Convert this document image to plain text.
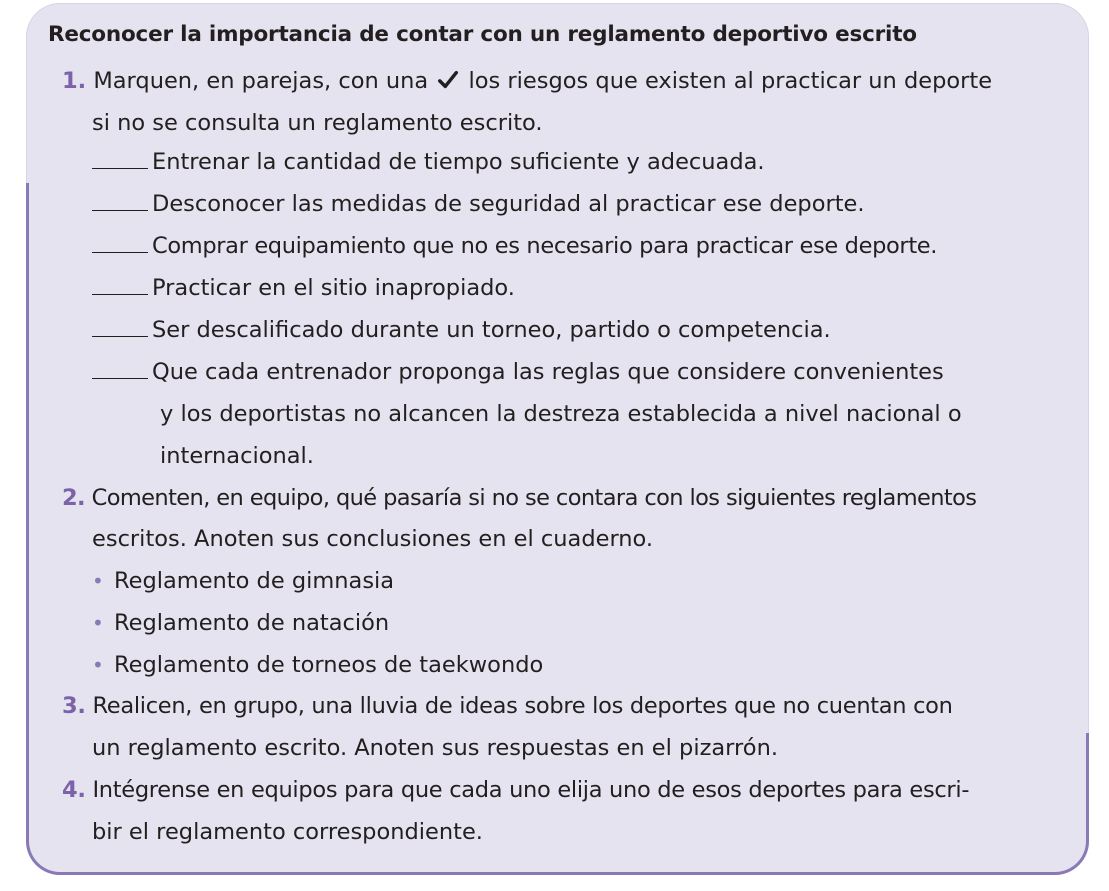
Reconocer la importancia de contar con un reglamento deportivo escrito
1. Marquen, en parejas, con una los riesgos que existen al practicar un deporte
si no se consulta un reglamento escrito.
Entrenar la cantidad de tiempo suficiente y adecuada.
Desconocer las medidas de seguridad al practicar ese deporte.
Comprar equipamiento que no es necesario para practicar ese deporte.
Practicar en el sitio inapropiado.
Ser descalificado durante un torneo, partido o competencia.
Que cada entrenador proponga las reglas que considere convenientes
y los deportistas no alcancen la destreza establecida a nivel nacional o
internacional.
2. Comenten, en equipo, qué pasaría si no se contara con los siguientes reglamentos
escritos. Anoten sus conclusiones en el cuaderno.
• Reglamento de gimnasia
• Reglamento de natación
• Reglamento de torneos de taekwondo
3. Realicen, en grupo, una lluvia de ideas sobre los deportes que no cuentan con
un reglamento escrito. Anoten sus respuestas en el pizarrón.
4. Intégrense en equipos para que cada uno elija uno de esos deportes para escri-
bir el reglamento correspondiente.
